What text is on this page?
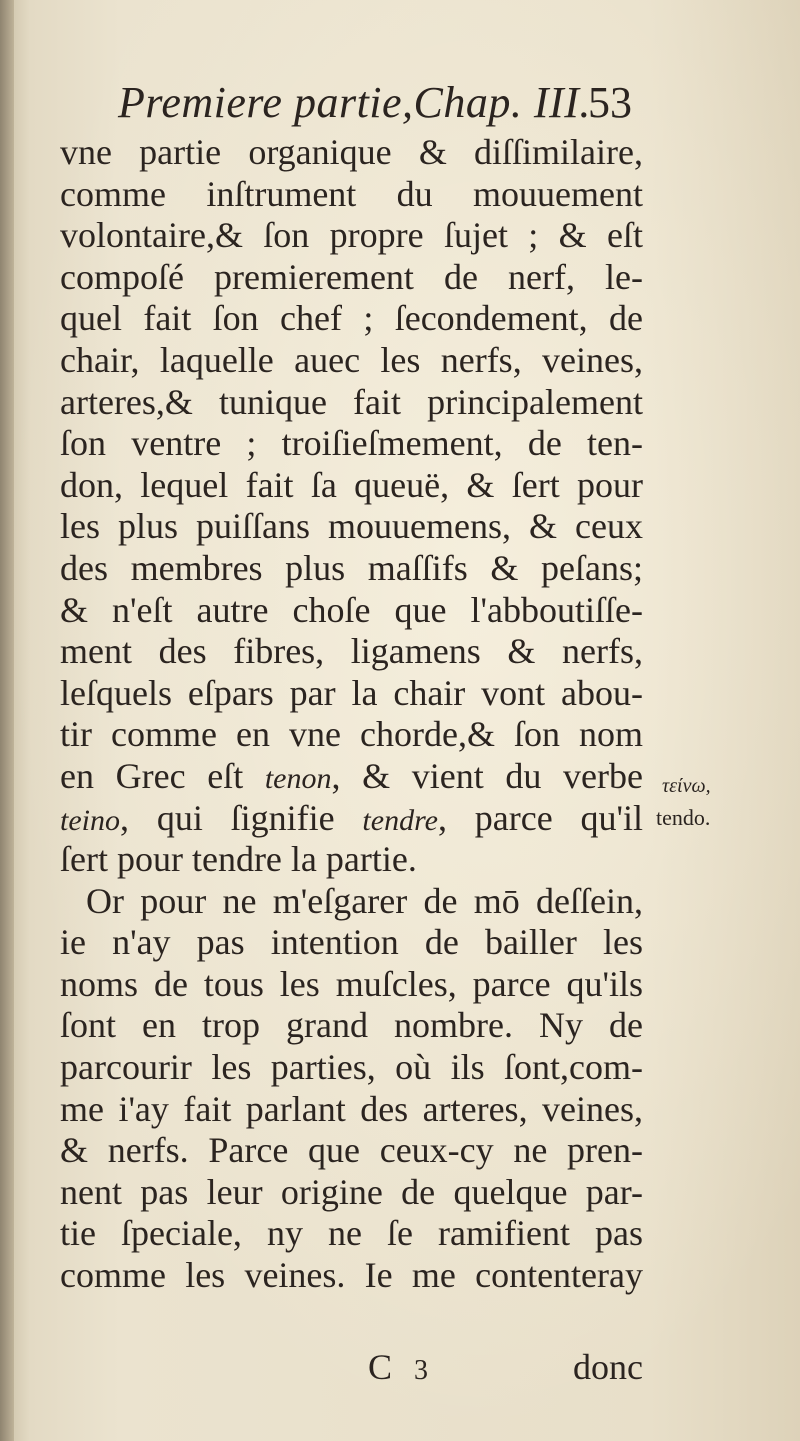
Premiere partie,Chap. III.
53
vne partie organique & diſſimilaire,
comme inſtrument du mouuement
volontaire,& ſon propre ſujet ; & eſt
compoſé premierement de nerf, le-
quel fait ſon chef ; ſecondement, de
chair, laquelle auec les nerfs, veines,
arteres,& tunique fait principalement
ſon ventre ; troiſieſmement, de ten-
don, lequel fait ſa queuë, & ſert pour
les plus puiſſans mouuemens, & ceux
des membres plus maſſifs & peſans;
& n'eſt autre choſe que l'abboutiſſe-
ment des fibres, ligamens & nerfs,
leſquels eſpars par la chair vont abou-
tir comme en vne chorde,& ſon nom
en Grec eſt tenon, & vient du verbe
teino, qui ſignifie tendre, parce qu'il
ſert pour tendre la partie.
Or pour ne m'eſgarer de mō deſſein,
ie n'ay pas intention de bailler les
noms de tous les muſcles, parce qu'ils
ſont en trop grand nombre. Ny de
parcourir les parties, où ils ſont,com-
me i'ay fait parlant des arteres, veines,
& nerfs. Parce que ceux-cy ne pren-
nent pas leur origine de quelque par-
tie ſpeciale, ny ne ſe ramifient pas
comme les veines. Ie me contenteray
τείνω,
tendo.
C 3	donc
